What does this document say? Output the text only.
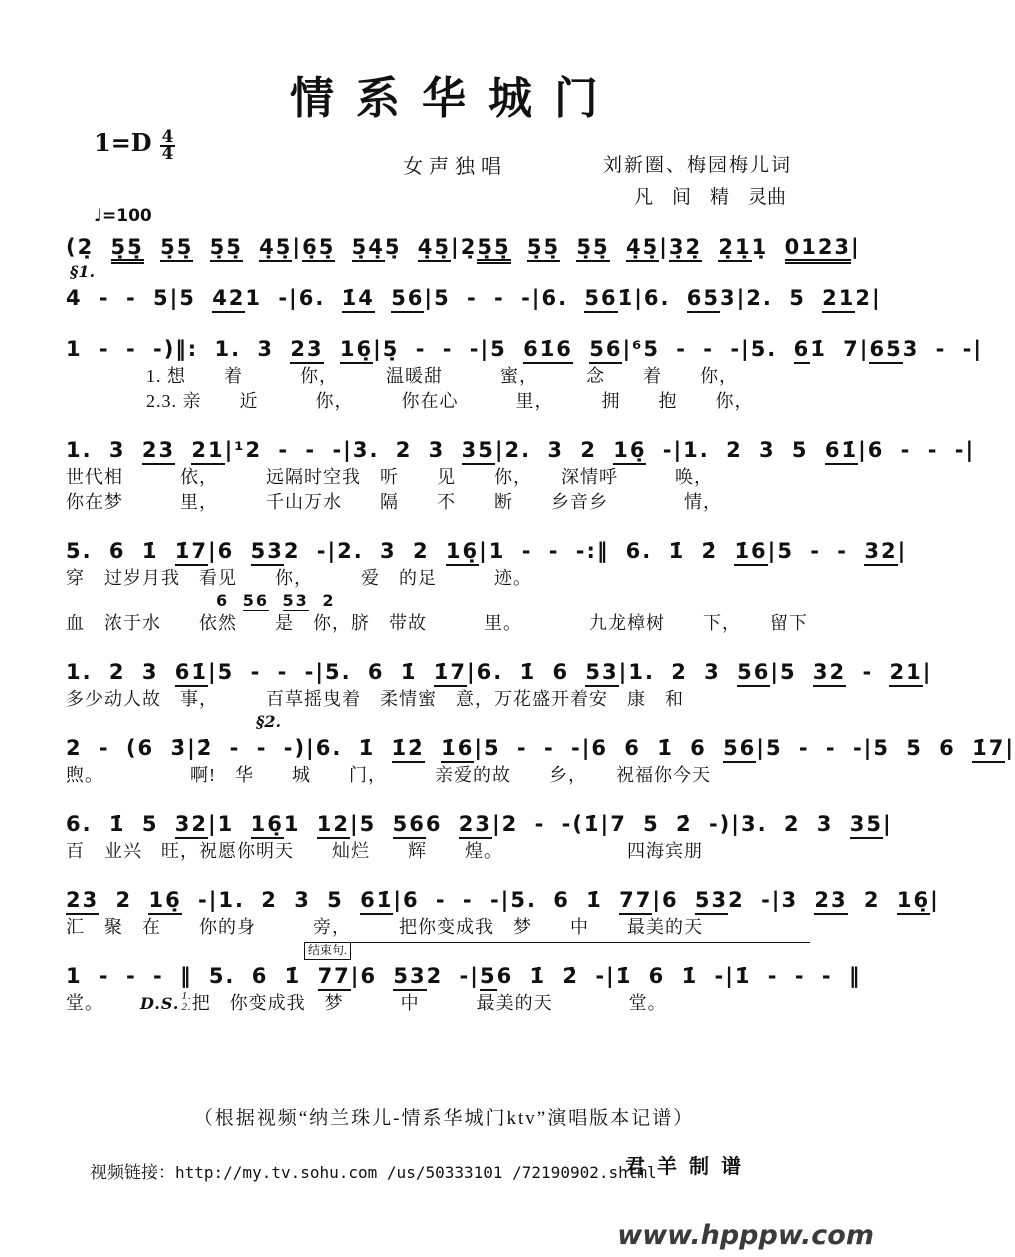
情系华城门
$1=D \frac{4}{4}$
女声独唱	刘新圈、梅园梅儿词
凡　间　精　灵曲
♩=100
(2̣ 5̣5̣ 5̣5̣ 5̣5̣ 4̣5̣|6̣5̣ 5̣4̣5̣ 4̣5̣|2̣5̣5̣ 5̣5̣ 5̣5̣ 4̣5̣|3̣2̣ 2̣1̣1̣ 0123|
§1.
4 - - 5|5 421 -|6. 1̇4 56|5 - - -|6. 561̇|6. 653|2. 5 212|
1 - - -)‖: 1. 3 23 16̣|5̣ - - -|5 61̇6 56|⁶5 - - -|5. 61̇ 7|653 - -|
1. 想　　着　　　你，　　　温暖甜　　　蜜，　　　念　　着　　你，
2.3. 亲　　近　　　你，　　　你在心　　　里，　　　拥　　抱　　你，
1. 3 23 21|¹2 - - -|3. 2 3 35|2. 3 2 16̣ -|1. 2 3 5 61̇|6 - - -|
世代相　　　依，　　　远隔时空我　听　　见　　你，　　深情呼　　　唤，
你在梦　　　里，　　　千山万水　　隔　　不　　断　　乡音乡　　　　情，
5. 6 1̇ 1̇7|6 532 -|2. 3 2 16̣|1 - - -:‖ 6. 1̇ 2̇ 1̇6|5 - - 32|
穿　过岁月我　看见　　你，　　　爱　的足　　　迹。
6 56 53 2
血　浓于水　　依然　　是　你，脐　带故　　　里。　　　　九龙樟树　　下，　　留下
1. 2 3 61̇|5 - - -|5. 6 1̇ 1̇7|6. 1̇ 6 53|1. 2 3 56|5 32 - 21|
多少动人故　事，　　　百草摇曳着　柔情蜜　意，万花盛开着安　康　和
§2.
2 - (6 3̇|2̇ - - -)|6. 1̇ 1̇2̇ 1̇6|5 - - -|6 6 1̇ 6 56|5 - - -|5 5 6 1̇7|
煦。　　　　　啊!　华　　城　　门，　　　亲爱的故　　乡，　　祝福你今天
6. 1̇ 5 32|1 16̣1 12|5 566 23|2 - -(1̇|7 5 2̇ -)|3. 2 3 35|
百　业兴　旺，祝愿你明天　　灿烂　　辉　　煌。　　　　　　　四海宾朋
23 2 16̣ -|1. 2 3 5 61̇|6 - - -|5. 6 1̇ 77|6 532 -|3 23 2 16̣|
汇　聚　在　　你的身　　　旁，　　　把你变成我　梦　　中　　最美的天
结束句.
1 - - - ‖ 5. 6 1̇ 77|6 532 -|56 1̇ 2̇ -|1̇ 6 1̇ -|1̇ - - - ‖
堂。 D.S. 1.
2. 把　你变成我　梦　　　中　　　最美的天　　　　堂。
（根据视频“纳兰珠儿-情系华城门ktv”演唱版本记谱）
视频链接：http://my.tv.sohu.com /us/50333101 /72190902.shtml
君羊制谱
www.hpppw.com
